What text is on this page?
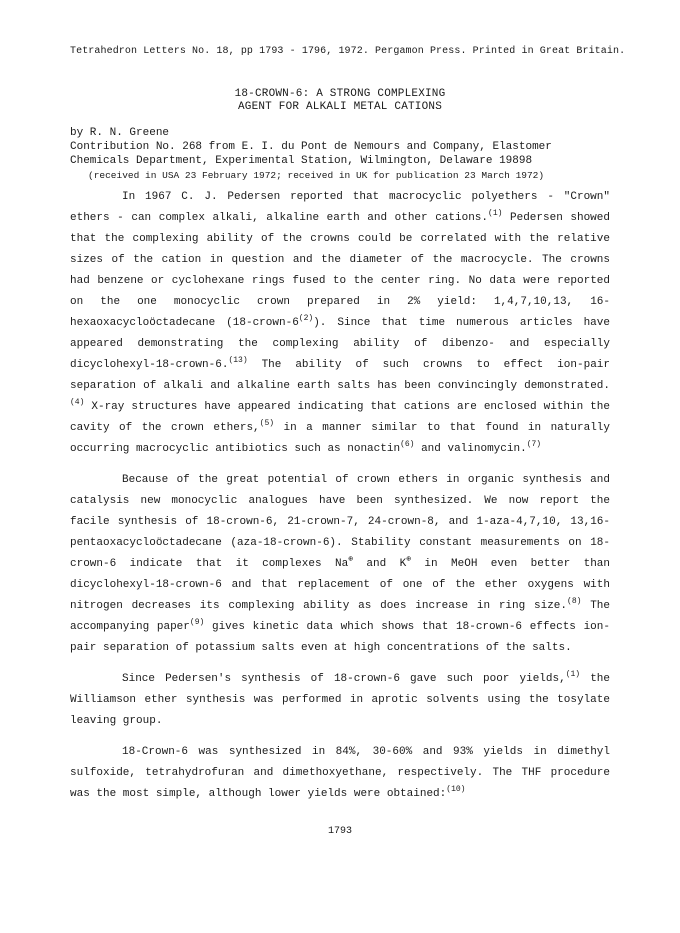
Tetrahedron Letters No. 18, pp 1793 - 1796, 1972. Pergamon Press. Printed in Great Britain.
18-CROWN-6: A STRONG COMPLEXING
AGENT FOR ALKALI METAL CATIONS
by R. N. Greene
Contribution No. 268 from E. I. du Pont de Nemours and Company, Elastomer
Chemicals Department, Experimental Station, Wilmington, Delaware 19898
(received in USA 23 February 1972; received in UK for publication 23 March 1972)

In 1967 C. J. Pedersen reported that macrocyclic polyethers - "Crown" ethers - can complex alkali, alkaline earth and other cations.$^{(1)}$ Pedersen showed that the complexing ability of the crowns could be correlated with the relative sizes of the cation in question and the diameter of the macrocycle. The crowns had benzene or cyclohexane rings fused to the center ring. No data were reported on the one monocyclic crown prepared in 2% yield: 1,4,7,10,13, 16-hexaoxacycloöctadecane (18-crown-6$^{(2)}$). Since that time numerous articles have appeared demonstrating the complexing ability of dibenzo- and especially dicyclohexyl-18-crown-6.$^{(13)}$ The ability of such crowns to effect ion-pair separation of alkali and alkaline earth salts has been convincingly demonstrated.$^{(4)}$ X-ray structures have appeared indicating that cations are enclosed within the cavity of the crown ethers,$^{(5)}$ in a manner similar to that found in naturally occurring macrocyclic antibiotics such as nonactin$^{(6)}$ and valinomycin.$^{(7)}$

Because of the great potential of crown ethers in organic synthesis and catalysis new monocyclic analogues have been synthesized. We now report the facile synthesis of 18-crown-6, 21-crown-7, 24-crown-8, and 1-aza-4,7,10, 13,16-pentaoxacycloöctadecane (aza-18-crown-6). Stability constant measurements on 18-crown-6 indicate that it complexes Na⊕ and K⊕ in MeOH even better than dicyclohexyl-18-crown-6 and that replacement of one of the ether oxygens with nitrogen decreases its complexing ability as does increase in ring size.$^{(8)}$ The accompanying paper$^{(9)}$ gives kinetic data which shows that 18-crown-6 effects ion-pair separation of potassium salts even at high concentrations of the salts.

Since Pedersen's synthesis of 18-crown-6 gave such poor yields,$^{(1)}$ the Williamson ether synthesis was performed in aprotic solvents using the tosylate leaving group.

18-Crown-6 was synthesized in 84%, 30-60% and 93% yields in dimethyl sulfoxide, tetrahydrofuran and dimethoxyethane, respectively. The THF procedure was the most simple, although lower yields were obtained:$^{(10)}$

1793
